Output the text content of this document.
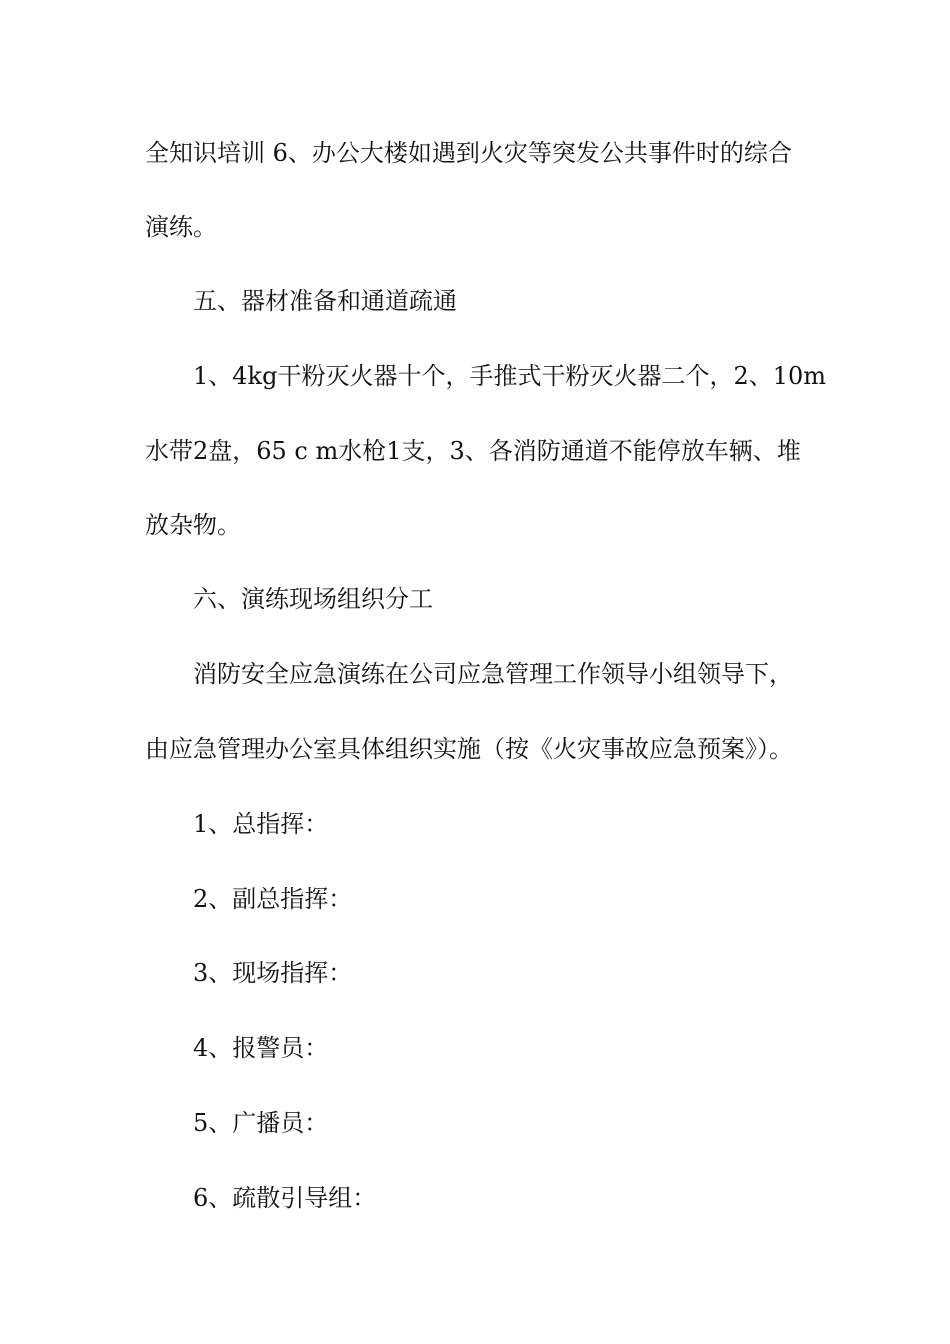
全知识培训 6、办公大楼如遇到火灾等突发公共事件时的综合
演练。
五、器材准备和通道疏通
1、4kg干粉灭火器十个，手推式干粉灭火器二个，2、10m
水带2盘，65 c m水枪1支，3、各消防通道不能停放车辆、堆
放杂物。
六、演练现场组织分工
消防安全应急演练在公司应急管理工作领导小组领导下，
由应急管理办公室具体组织实施（按《火灾事故应急预案》）。
1、总指挥：
2、副总指挥：
3、现场指挥：
4、报警员：
5、广播员：
6、疏散引导组：
